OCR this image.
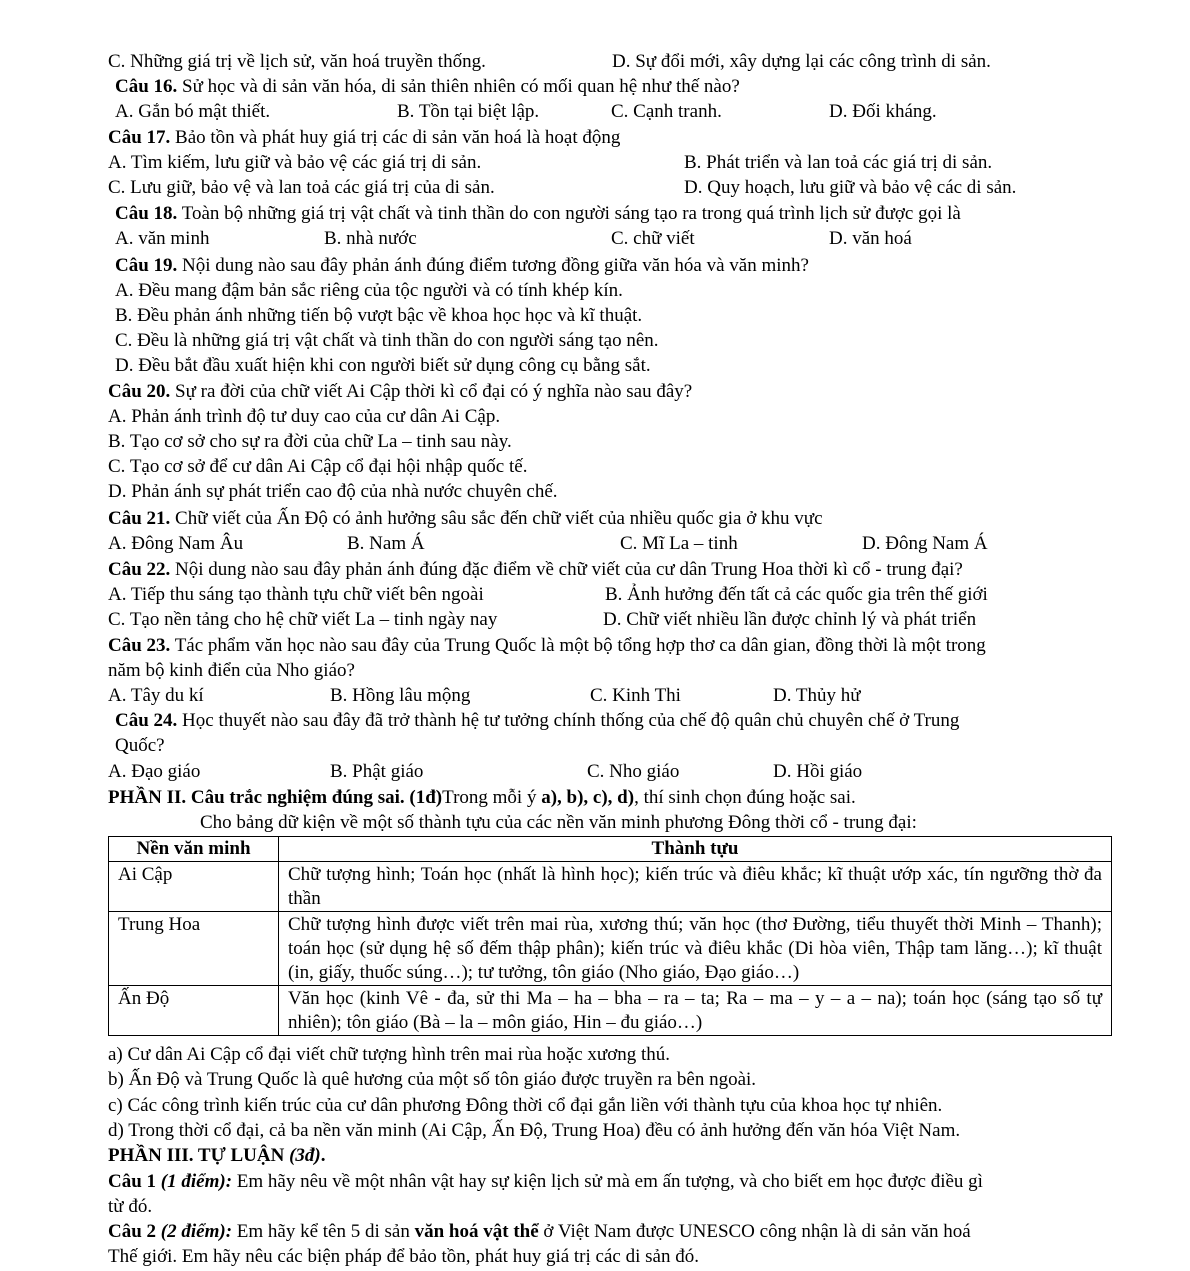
C. Những giá trị về lịch sử, văn hoá truyền thống.	D. Sự đổi mới, xây dựng lại các công trình di sản.
Câu 16. Sử học và di sản văn hóa, di sản thiên nhiên có mối quan hệ như thế nào?
A. Gắn bó mật thiết.	B. Tồn tại biệt lập.	C. Cạnh tranh.	D. Đối kháng.
Câu 17. Bảo tồn và phát huy giá trị các di sản văn hoá là hoạt động
A. Tìm kiếm, lưu giữ và bảo vệ các giá trị di sản.	B. Phát triển và lan toả các giá trị di sản.
C. Lưu giữ, bảo vệ và lan toả các giá trị của di sản.	D. Quy hoạch, lưu giữ và bảo vệ các di sản.
Câu 18. Toàn bộ những giá trị vật chất và tinh thần do con người sáng tạo ra trong quá trình lịch sử được gọi là
A. văn minh	B. nhà nước	C. chữ viết	D. văn hoá
Câu 19. Nội dung nào sau đây phản ánh đúng điểm tương đồng giữa văn hóa và văn minh?
A. Đều mang đậm bản sắc riêng của tộc người và có tính khép kín.
B. Đều phản ánh những tiến bộ vượt bậc về khoa học học và kĩ thuật.
C. Đều là những giá trị vật chất và tinh thần do con người sáng tạo nên.
D. Đều bắt đầu xuất hiện khi con người biết sử dụng công cụ bằng sắt.
Câu 20. Sự ra đời của chữ viết Ai Cập thời kì cổ đại có ý nghĩa nào sau đây?
A. Phản ánh trình độ tư duy cao của cư dân Ai Cập.
B. Tạo cơ sở cho sự ra đời của chữ La – tinh sau này.
C. Tạo cơ sở để cư dân Ai Cập cổ đại hội nhập quốc tế.
D. Phản ánh sự phát triển cao độ của nhà nước chuyên chế.
Câu 21. Chữ viết của Ấn Độ có ảnh hưởng sâu sắc đến chữ viết của nhiều quốc gia ở khu vực
A. Đông Nam Âu	B. Nam Á	C. Mĩ La – tinh	D. Đông Nam Á
Câu 22. Nội dung nào sau đây phản ánh đúng đặc điểm về chữ viết của cư dân Trung Hoa thời kì cổ - trung đại?
A. Tiếp thu sáng tạo thành tựu chữ viết bên ngoài	B. Ảnh hưởng đến tất cả các quốc gia trên thế giới
C. Tạo nền tảng cho hệ chữ viết La – tinh ngày nay	D. Chữ viết nhiều lần được chỉnh lý và phát triển
Câu 23. Tác phẩm văn học nào sau đây của Trung Quốc là một bộ tổng hợp thơ ca dân gian, đồng thời là một trong
năm bộ kinh điển của Nho giáo?
A. Tây du kí	B. Hồng lâu mộng	C. Kinh Thi	D. Thủy hử
Câu 24. Học thuyết nào sau đây đã trở thành hệ tư tưởng chính thống của chế độ quân chủ chuyên chế ở Trung
Quốc?
A. Đạo giáo	B. Phật giáo	C. Nho giáo	D. Hồi giáo
PHẦN II. Câu trắc nghiệm đúng sai. (1đ)Trong mỗi ý a), b), c), d), thí sinh chọn đúng hoặc sai.
Cho bảng dữ kiện về một số thành tựu của các nền văn minh phương Đông thời cổ - trung đại:
Nền văn minh	Thành tựu
Ai Cập	Chữ tượng hình; Toán học (nhất là hình học); kiến trúc và điêu khắc; kĩ thuật ướp xác, tín ngưỡng thờ đa thần
Trung Hoa	Chữ tượng hình được viết trên mai rùa, xương thú; văn học (thơ Đường, tiểu thuyết thời Minh – Thanh); toán học (sử dụng hệ số đếm thập phân); kiến trúc và điêu khắc (Di hòa viên, Thập tam lăng…); kĩ thuật (in, giấy, thuốc súng…); tư tưởng, tôn giáo (Nho giáo, Đạo giáo…)
Ấn Độ	Văn học (kinh Vê - đa, sử thi Ma – ha – bha – ra – ta; Ra – ma – y – a – na); toán học (sáng tạo số tự nhiên); tôn giáo (Bà – la – môn giáo, Hin – đu giáo…)
a) Cư dân Ai Cập cổ đại viết chữ tượng hình trên mai rùa hoặc xương thú.
b) Ấn Độ và Trung Quốc là quê hương của một số tôn giáo được truyền ra bên ngoài.
c) Các công trình kiến trúc của cư dân phương Đông thời cổ đại gắn liền với thành tựu của khoa học tự nhiên.
d) Trong thời cổ đại, cả ba nền văn minh (Ai Cập, Ấn Độ, Trung Hoa) đều có ảnh hưởng đến văn hóa Việt Nam.
PHẦN III. TỰ LUẬN (3đ).
Câu 1 (1 điểm): Em hãy nêu về một nhân vật hay sự kiện lịch sử mà em ấn tượng, và cho biết em học được điều gì
từ đó.
Câu 2 (2 điểm): Em hãy kể tên 5 di sản văn hoá vật thể ở Việt Nam được UNESCO công nhận là di sản văn hoá
Thế giới. Em hãy nêu các biện pháp để bảo tồn, phát huy giá trị các di sản đó.
